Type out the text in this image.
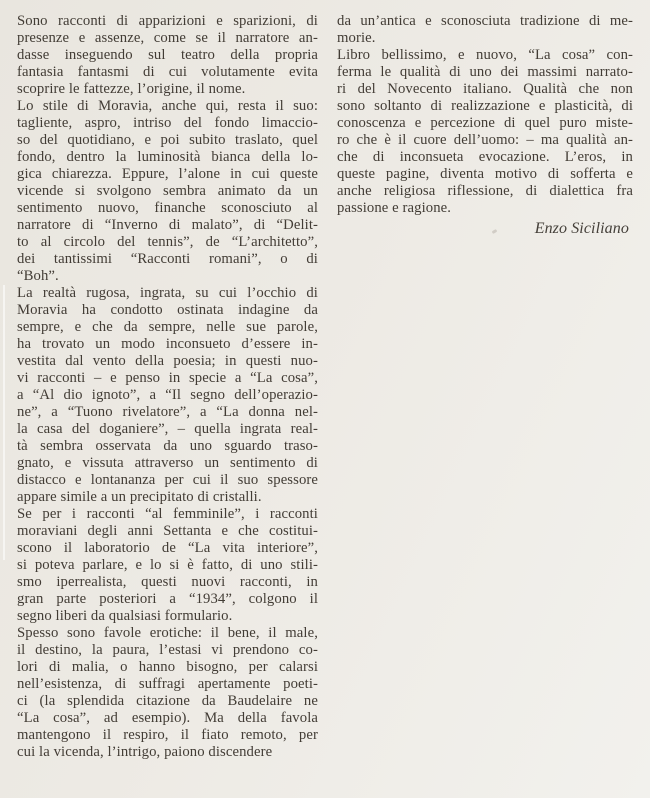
Sono racconti di apparizioni e sparizioni, di
presenze e assenze, come se il narratore an-
dasse inseguendo sul teatro della propria
fantasia fantasmi di cui volutamente evita
scoprire le fattezze, l’origine, il nome.
Lo stile di Moravia, anche qui, resta il suo:
tagliente, aspro, intriso del fondo limaccio-
so del quotidiano, e poi subito traslato, quel
fondo, dentro la luminosità bianca della lo-
gica chiarezza. Eppure, l’alone in cui queste
vicende si svolgono sembra animato da un
sentimento nuovo, finanche sconosciuto al
narratore di “Inverno di malato”, di “Delit-
to al circolo del tennis”, de “L’architetto”,
dei tantissimi “Racconti romani”, o di
“Boh”.
La realtà rugosa, ingrata, su cui l’occhio di
Moravia ha condotto ostinata indagine da
sempre, e che da sempre, nelle sue parole,
ha trovato un modo inconsueto d’essere in-
vestita dal vento della poesia; in questi nuo-
vi racconti – e penso in specie a “La cosa”,
a “Al dio ignoto”, a “Il segno dell’operazio-
ne”, a “Tuono rivelatore”, a “La donna nel-
la casa del doganiere”, – quella ingrata real-
tà sembra osservata da uno sguardo traso-
gnato, e vissuta attraverso un sentimento di
distacco e lontananza per cui il suo spessore
appare simile a un precipitato di cristalli.
Se per i racconti “al femminile”, i racconti
moraviani degli anni Settanta e che costitui-
scono il laboratorio de “La vita interiore”,
si poteva parlare, e lo si è fatto, di uno stili-
smo iperrealista, questi nuovi racconti, in
gran parte posteriori a “1934”, colgono il
segno liberi da qualsiasi formulario.
Spesso sono favole erotiche: il bene, il male,
il destino, la paura, l’estasi vi prendono co-
lori di malia, o hanno bisogno, per calarsi
nell’esistenza, di suffragi apertamente poeti-
ci (la splendida citazione da Baudelaire ne
“La cosa”, ad esempio). Ma della favola
mantengono il respiro, il fiato remoto, per
cui la vicenda, l’intrigo, paiono discendere
da un’antica e sconosciuta tradizione di me-
morie.
Libro bellissimo, e nuovo, “La cosa” con-
ferma le qualità di uno dei massimi narrato-
ri del Novecento italiano. Qualità che non
sono soltanto di realizzazione e plasticità, di
conoscenza e percezione di quel puro miste-
ro che è il cuore dell’uomo: – ma qualità an-
che di inconsueta evocazione. L’eros, in
queste pagine, diventa motivo di sofferta e
anche religiosa riflessione, di dialettica fra
passione e ragione.
Enzo Siciliano
